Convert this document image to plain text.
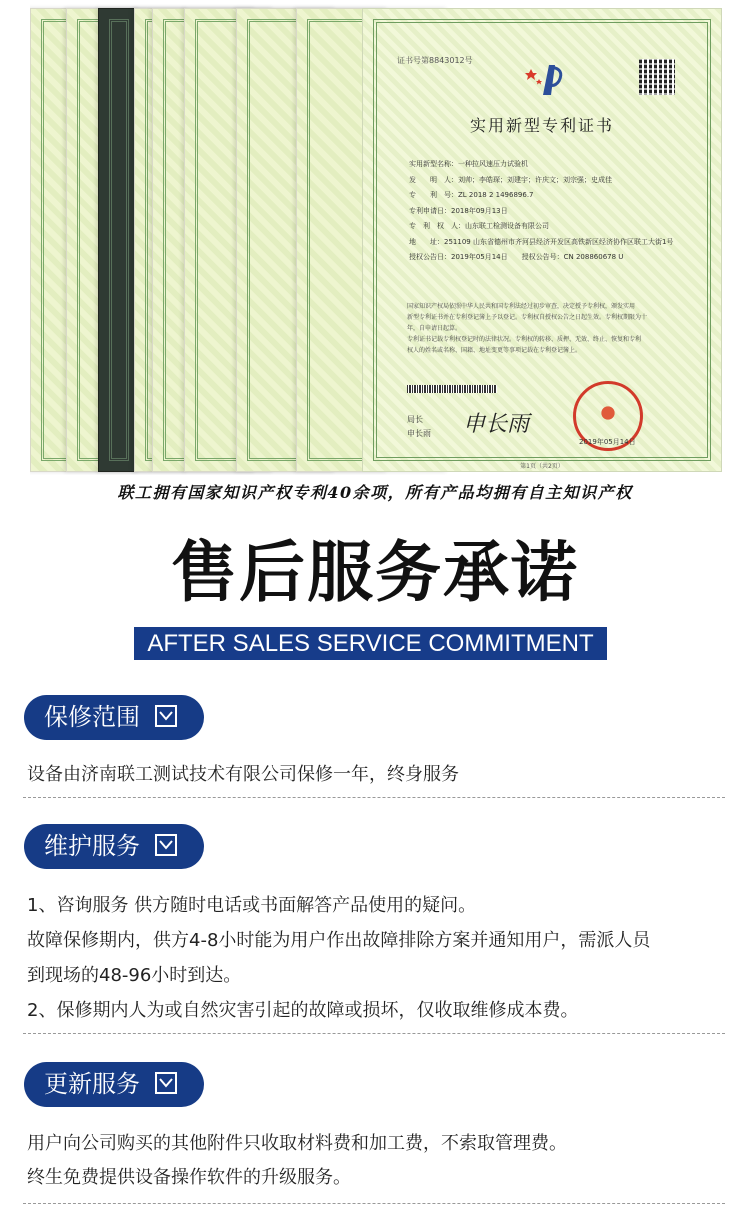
证书号第8843012号
实用新型专利证书
实用新型名称：一种拉风速压力试验机
发　　明　人：刘帅；李皓琛；刘建宇；许庆文；刘宗强；史成佳
专　　利　号：ZL 2018 2 1496896.7
专利申请日：2018年09月13日
专　利　权　人：山东联工检测设备有限公司
地　　址：251109 山东省德州市齐河县经济开发区高铁新区经济协作区联工大街1号
授权公告日：2019年05月14日　　授权公告号：CN 208860678 U
国家知识产权局依照中华人民共和国专利法经过初步审查，决定授予专利权，颁发实用
新型专利证书并在专利登记簿上予以登记。专利权自授权公告之日起生效。专利权期限为十
年，自申请日起算。
专利证书记载专利权登记时的法律状况。专利权的转移、质押、无效、终止、恢复和专利
权人的姓名或名称、国籍、地址变更等事项记载在专利登记簿上。
局长
申长雨 申长雨
2019年05月14日
第1页（共2页）
联工拥有国家知识产权专利40余项，所有产品均拥有自主知识产权
售后服务承诺
AFTER SALES SERVICE COMMITMENT
保修范围
设备由济南联工测试技术有限公司保修一年，终身服务
维护服务
1、咨询服务 供方随时电话或书面解答产品使用的疑问。
故障保修期内，供方4-8小时能为用户作出故障排除方案并通知用户，需派人员
到现场的48-96小时到达。
2、保修期内人为或自然灾害引起的故障或损坏，仅收取维修成本费。
更新服务
用户向公司购买的其他附件只收取材料费和加工费，不索取管理费。
终生免费提供设备操作软件的升级服务。
